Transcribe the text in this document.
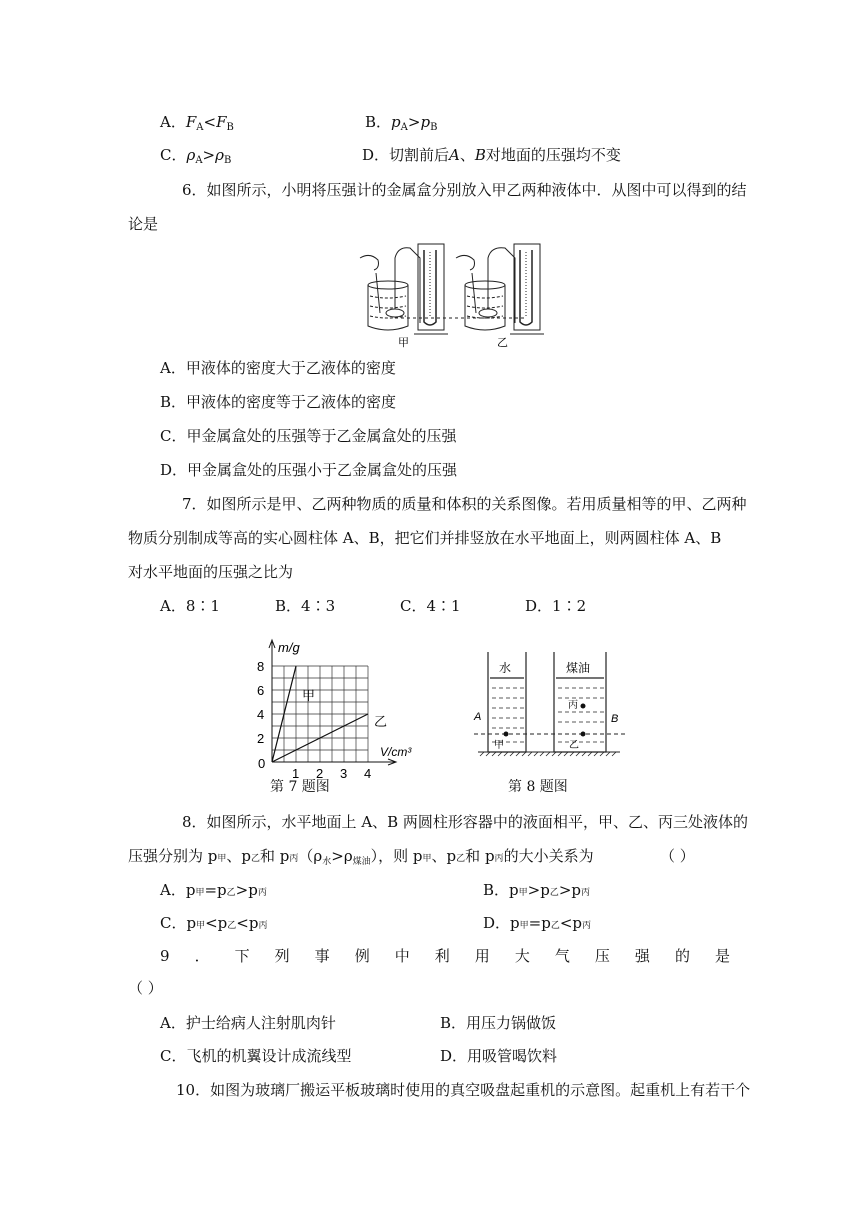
A．$F_A<F_B$	B．$p_A>p_B$
C．$\rho_A>\rho_B$	D．切割前后A、B对地面的压强均不变
6．如图所示，小明将压强计的金属盒分别放入甲乙两种液体中．从图中可以得到的结
论是
甲	乙
A．甲液体的密度大于乙液体的密度
B．甲液体的密度等于乙液体的密度
C．甲金属盒处的压强等于乙金属盒处的压强
D．甲金属盒处的压强小于乙金属盒处的压强
7．如图所示是甲、乙两种物质的质量和体积的关系图像。若用质量相等的甲、乙两种
物质分别制成等高的实心圆柱体 A、B，把它们并排竖放在水平地面上，则两圆柱体 A、B
对水平地面的压强之比为
A．8∶1	B．4∶3	C．4∶1	D．1∶2
甲
乙
1 2 3 4
2
4
6
8
m/g
V/cm³
0
第 7 题图
水	煤油
A	B
甲	乙
丙
第 8 题图
8．如图所示，水平地面上 A、B 两圆柱形容器中的液面相平，甲、乙、丙三处液体的
压强分别为 p甲、p乙和 p丙$(\rho_水>\rho_{煤油})$，则 p甲、p乙和 p丙的大小关系为	（ ）
A．p甲=p乙>p丙	B．p甲>p乙>p丙
C．p甲<p乙<p丙	D．p甲=p乙<p丙
9 ． 下 列 事 例 中 利 用 大 气 压 强 的 是
（ ）
A．护士给病人注射肌肉针	B．用压力锅做饭
C．飞机的机翼设计成流线型	D．用吸管喝饮料
10．如图为玻璃厂搬运平板玻璃时使用的真空吸盘起重机的示意图。起重机上有若干个
